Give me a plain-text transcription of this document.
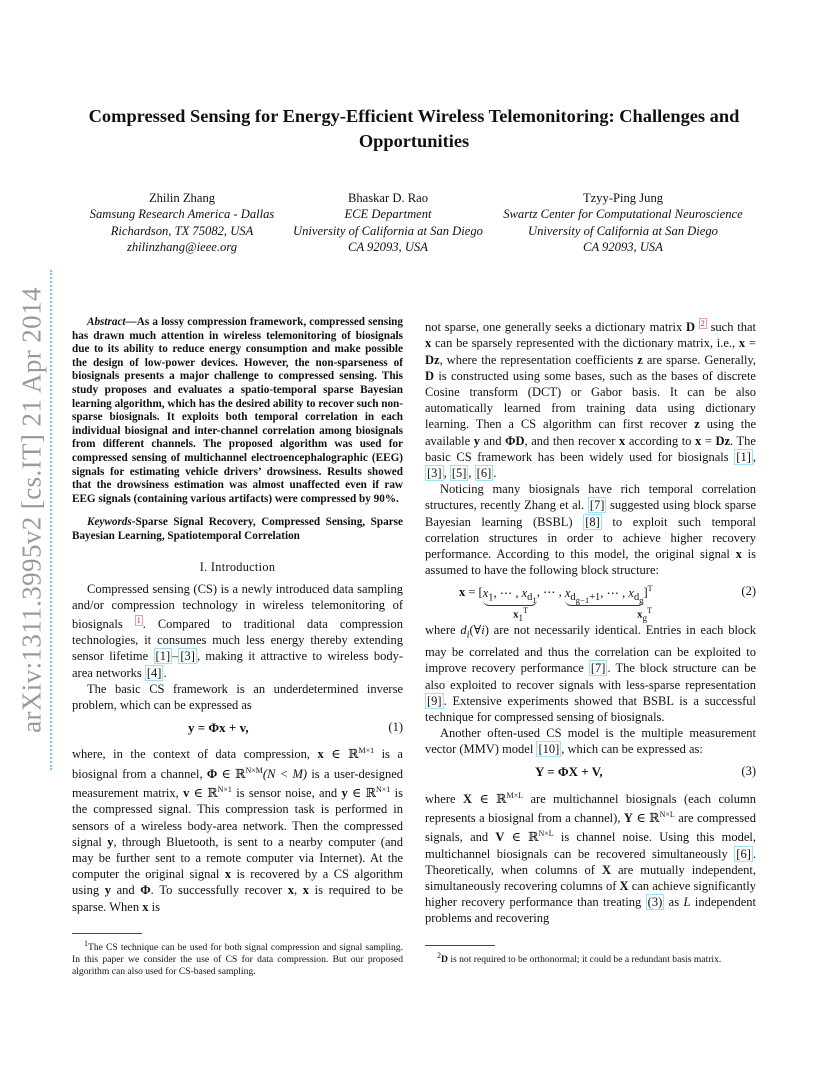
Compressed Sensing for Energy-Efficient Wireless Telemonitoring: Challenges and Opportunities
Zhilin Zhang
Samsung Research America - Dallas
Richardson, TX 75082, USA
zhilinzhang@ieee.org
Bhaskar D. Rao
ECE Department
University of California at San Diego
CA 92093, USA
Tzyy-Ping Jung
Swartz Center for Computational Neuroscience
University of California at San Diego
CA 92093, USA
arXiv:1311.3995v2 [cs.IT] 21 Apr 2014	Abstract—As a lossy compression framework, compressed sensing has drawn much attention in wireless telemonitoring of biosignals due to its ability to reduce energy consumption and make possible the design of low-power devices. However, the non-sparseness of biosignals presents a major challenge to compressed sensing. This study proposes and evaluates a spatio-temporal sparse Bayesian learning algorithm, which has the desired ability to recover such non-sparse biosignals. It exploits both temporal correlation in each individual biosignal and inter-channel correlation among biosignals from different channels. The proposed algorithm was used for compressed sensing of multichannel electroencephalographic (EEG) signals for estimating vehicle drivers’ drowsiness. Results showed that the drowsiness estimation was almost unaffected even if raw EEG signals (containing various artifacts) were compressed by 90%.

Keywords-Sparse Signal Recovery, Compressed Sensing, Sparse Bayesian Learning, Spatiotemporal Correlation

I. Introduction

Compressed sensing (CS) is a newly introduced data sampling and/or compression technology in wireless telemonitoring of biosignals $^1$ . Compared to traditional data compression technologies, it consumes much less energy thereby extending sensor lifetime [1] – [3] , making it attractive to wireless body-area networks [4] .

The basic CS framework is an underdetermined inverse problem, which can be expressed as

y = Φx + v,	(1)

where, in the context of data compression, x ∈ ℝ$^{M\times 1}$ is a biosignal from a channel, Φ ∈ ℝ$^{N\times M}$(N < M) is a user-designed measurement matrix, v ∈ ℝ$^{N\times 1}$ is sensor noise, and y ∈ ℝ$^{N\times 1}$ is the compressed signal. This compression task is performed in sensors of a wireless body-area network. Then the compressed signal y, through Bluetooth, is sent to a nearby computer (and may be further sent to a remote computer via Internet). At the computer the original signal x is recovered by a CS algorithm using y and Φ. To successfully recover x, x is required to be sparse. When x is

$^1$The CS technique can be used for both signal compression and signal sampling. In this paper we consider the use of CS for data compression. But our proposed algorithm can also used for CS-based sampling.

not sparse, one generally seeks a dictionary matrix D $^2$ such that x can be sparsely represented with the dictionary matrix, i.e., x = Dz, where the representation coefficients z are sparse. Generally, D is constructed using some bases, such as the bases of discrete Cosine transform (DCT) or Gabor basis. It can be also automatically learned from training data using dictionary learning. Then a CS algorithm can first recover z using the available y and ΦD, and then recover x according to x = Dz. The basic CS framework has been widely used for biosignals [1] , [3] , [5] , [6] .

Noticing many biosignals have rich temporal correlation structures, recently Zhang et al. [7] suggested using block sparse Bayesian learning (BSBL) [8] to exploit such temporal correlation structures in order to achieve higher recovery performance. According to this model, the original signal x is assumed to have the following block structure:

$x = [x_1$, ⋯ , $x_{d_1}$, ⋯ , $x_{d_{g-1}+1}$, ⋯ , $x_{d_g}]^T$
$x_1^T$	$x_g^T$
(2)

where $d_i(\forall i)$ are not necessarily identical. Entries in each block may be correlated and thus the correlation can be exploited to improve recovery performance [7] . The block structure can be also exploited to recover signals with less-sparse representation [9] . Extensive experiments showed that BSBL is a successful technique for compressed sensing of biosignals.

Another often-used CS model is the multiple measurement vector (MMV) model [10] , which can be expressed as:

Y = ΦX + V,	(3)

where X ∈ ℝ$^{M\times L}$ are multichannel biosignals (each column represents a biosignal from a channel), Y ∈ ℝ$^{N\times L}$ are compressed signals, and V ∈ ℝ$^{N\times L}$ is channel noise. Using this model, multichannel biosignals can be recovered simultaneously [6] . Theoretically, when columns of X are mutually independent, simultaneously recovering columns of X can achieve significantly higher recovery performance than treating (3) as L independent problems and recovering

$^2$D is not required to be orthonormal; it could be a redundant basis matrix.
